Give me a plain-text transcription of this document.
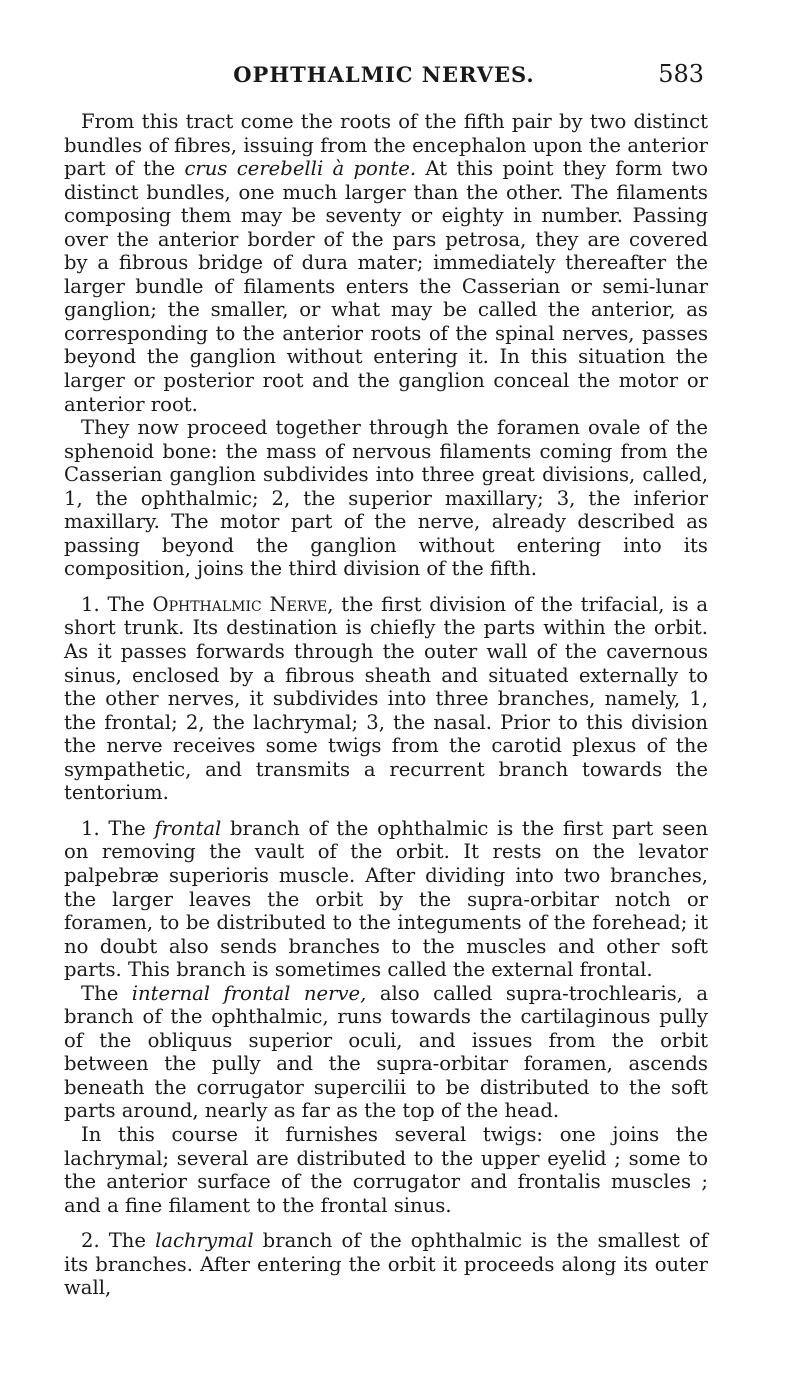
OPHTHALMIC NERVES.	583

From this tract come the roots of the fifth pair by two distinct bundles of fibres, issuing from the encephalon upon the anterior part of the crus cerebelli à ponte. At this point they form two distinct bundles, one much larger than the other. The filaments composing them may be seventy or eighty in number. Passing over the anterior border of the pars petrosa, they are covered by a fibrous bridge of dura mater; immediately thereafter the larger bundle of filaments enters the Casserian or semi-lunar ganglion; the smaller, or what may be called the anterior, as corresponding to the anterior roots of the spinal nerves, passes beyond the ganglion without entering it. In this situation the larger or posterior root and the ganglion conceal the motor or anterior root.

They now proceed together through the foramen ovale of the sphenoid bone: the mass of nervous filaments coming from the Casserian ganglion subdivides into three great divisions, called, 1, the ophthalmic; 2, the superior maxillary; 3, the inferior maxillary. The motor part of the nerve, already described as passing beyond the ganglion without entering into its composition, joins the third division of the fifth.

1. The Ophthalmic Nerve, the first division of the trifacial, is a short trunk. Its destination is chiefly the parts within the orbit. As it passes forwards through the outer wall of the cavernous sinus, enclosed by a fibrous sheath and situated externally to the other nerves, it subdivides into three branches, namely, 1, the frontal; 2, the lachrymal; 3, the nasal. Prior to this division the nerve receives some twigs from the carotid plexus of the sympathetic, and transmits a recurrent branch towards the tentorium.

1. The frontal branch of the ophthalmic is the first part seen on removing the vault of the orbit. It rests on the levator palpebræ superioris muscle. After dividing into two branches, the larger leaves the orbit by the supra-orbitar notch or foramen, to be distributed to the integuments of the forehead; it no doubt also sends branches to the muscles and other soft parts. This branch is sometimes called the external frontal.

The internal frontal nerve, also called supra-trochlearis, a branch of the ophthalmic, runs towards the cartilaginous pully of the obliquus superior oculi, and issues from the orbit between the pully and the supra-orbitar foramen, ascends beneath the corrugator supercilii to be distributed to the soft parts around, nearly as far as the top of the head.

In this course it furnishes several twigs: one joins the lachrymal; several are distributed to the upper eyelid ; some to the anterior surface of the corrugator and frontalis muscles ; and a fine filament to the frontal sinus.

2. The lachrymal branch of the ophthalmic is the smallest of its branches. After entering the orbit it proceeds along its outer wall,
